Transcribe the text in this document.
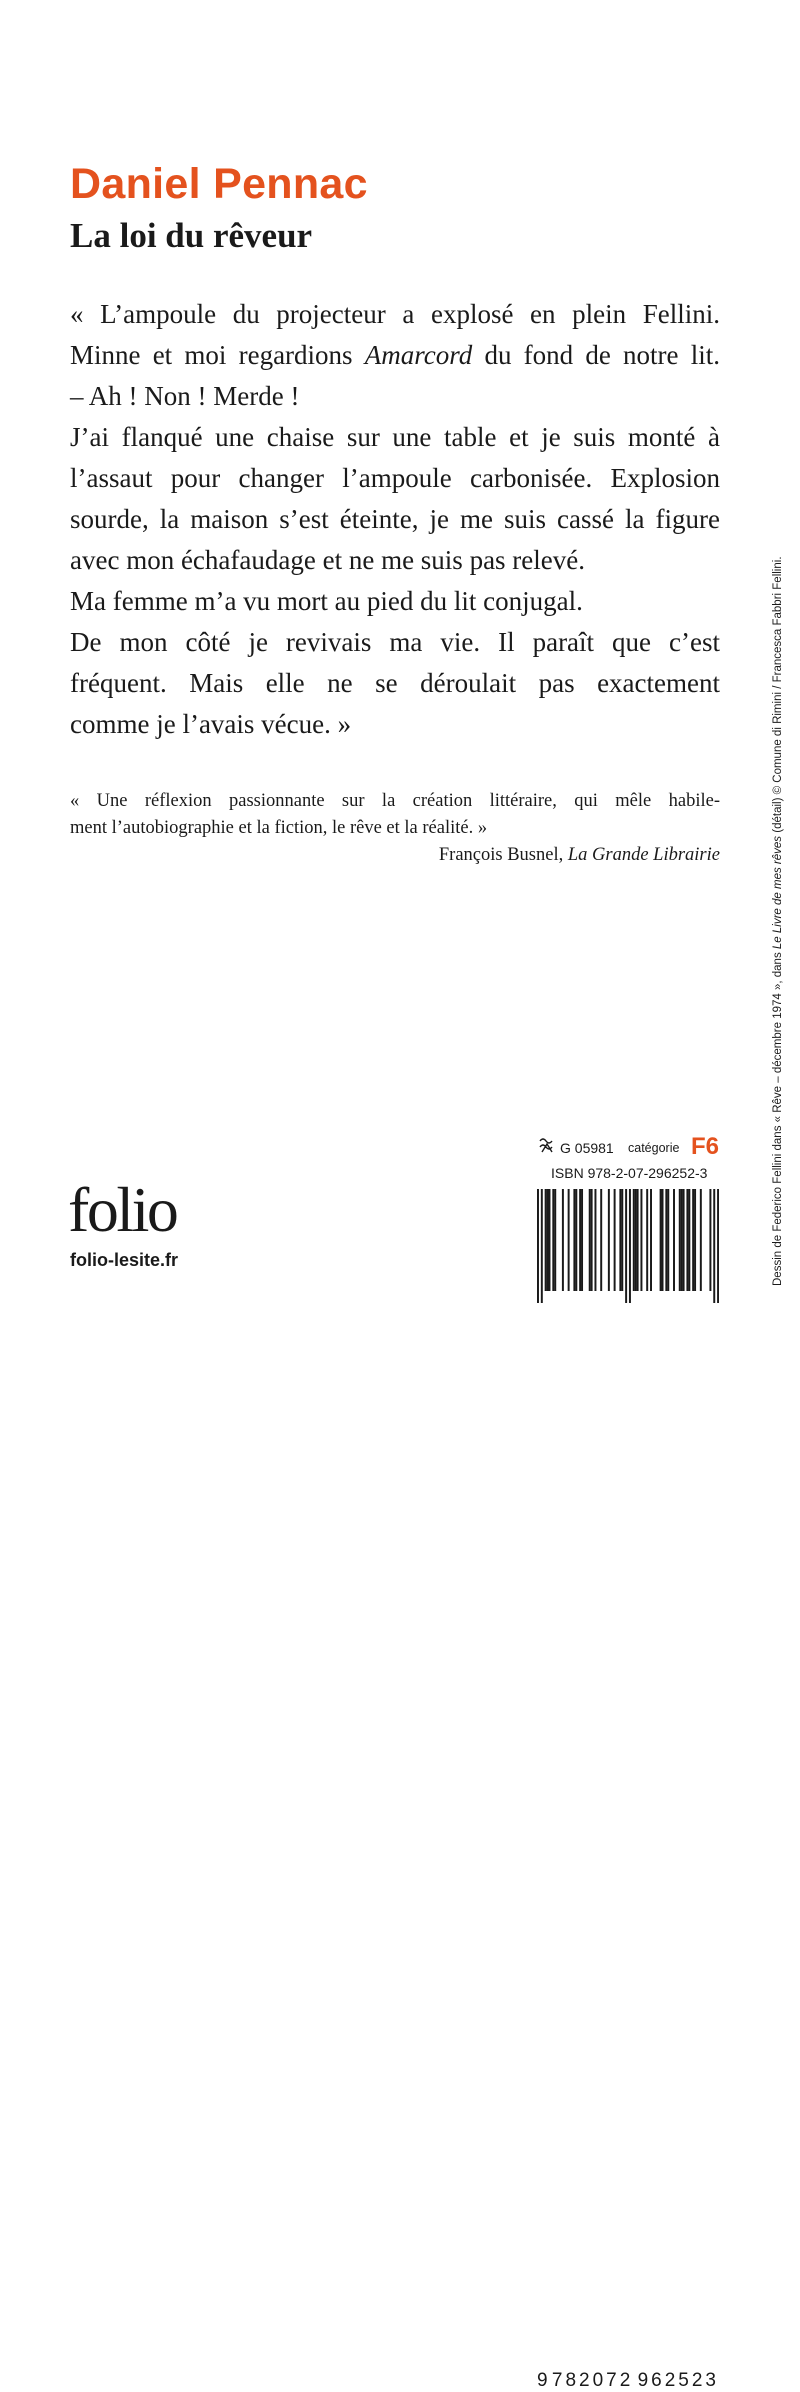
Daniel Pennac
La loi du rêveur

« L’ampoule du projecteur a explosé en plein Fellini.

Minne et moi regardions Amarcord du fond de notre lit.

– Ah ! Non ! Merde !

J’ai flanqué une chaise sur une table et je suis monté à

l’assaut pour changer l’ampoule carbonisée. Explosion

sourde, la maison s’est éteinte, je me suis cassé la figure

avec mon échafaudage et ne me suis pas relevé.

Ma femme m’a vu mort au pied du lit conjugal.

De mon côté je revivais ma vie. Il paraît que c’est

fréquent. Mais elle ne se déroulait pas exactement

comme je l’avais vécue. »

« Une réflexion passionnante sur la création littéraire, qui mêle habile-

ment l’autobiographie et la fiction, le rêve et la réalité. »

François Busnel, La Grande Librairie

Dessin de Federico Fellini dans « Rêve – décembre 1974 », dans Le Livre de mes rêves (détail) © Comune di Rimini / Francesca Fabbri Fellini.
folio
folio-lesite.fr
G 05981 catégorie F6
ISBN 978-2-07-296252-3
9 782072 962523
